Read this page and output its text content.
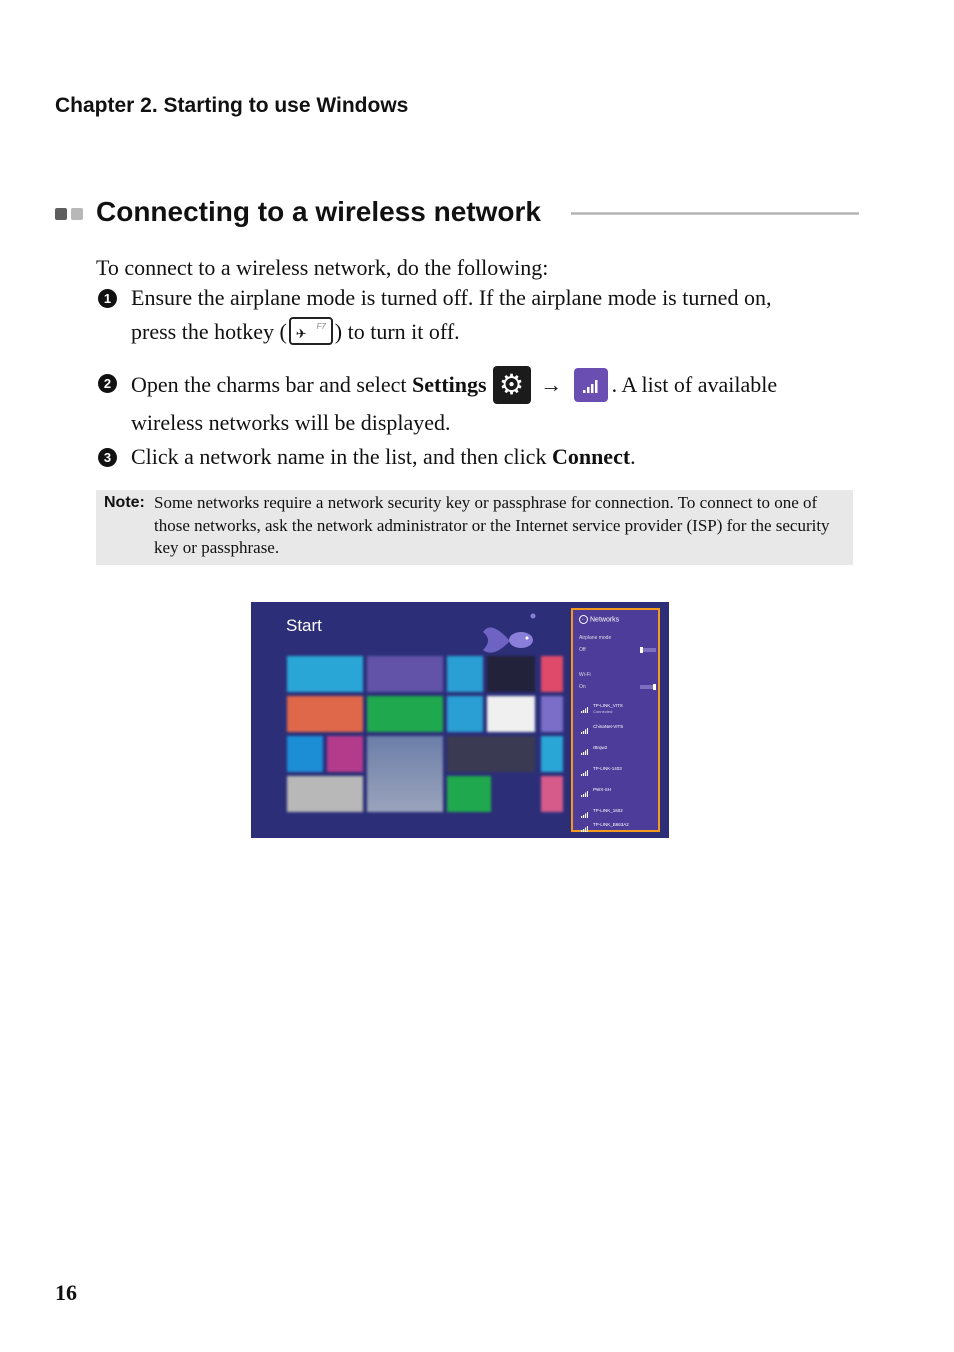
Chapter 2. Starting to use Windows
Connecting to a wireless network
To connect to a wireless network, do the following:
1 Ensure the airplane mode is turned off. If the airplane mode is turned on,
press the hotkey ( ✈
F7 ) to turn it off.
2 Open the charms bar and select Settings ⚙ → . A list of available
wireless networks will be displayed.
3 Click a network name in the list, and then click Connect.
Note: Some networks require a network security key or passphrase for connection. To connect to one of those networks, ask the network administrator or the Internet service provider (ISP) for the security key or passphrase.
Start	← Networks
Airplane mode
Off
Wi-Fi
On
TP-LINK_VITS
Connected
ChinaNet-VITS
rBrqw2
TP-LINK-1403
PWX-SH
TP-LINK_1602
TP-LINK_B663A2
16
